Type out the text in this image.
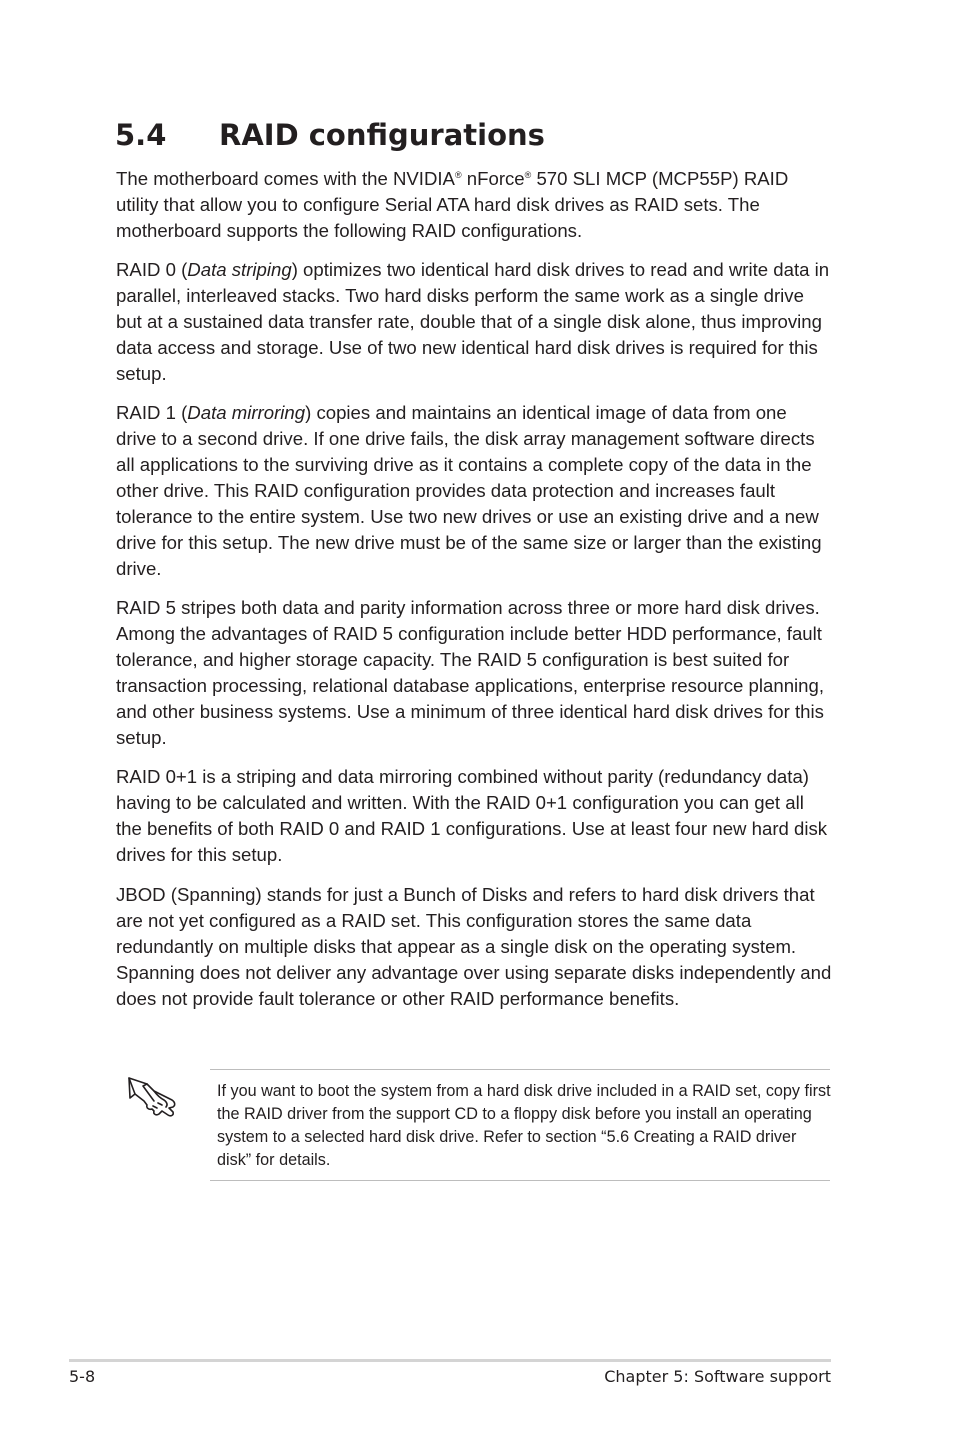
5.4 RAID configurations

The motherboard comes with the NVIDIA® nForce® 570 SLI MCP (MCP55P) RAID utility that allow you to configure Serial ATA hard disk drives as RAID sets. The motherboard supports the following RAID configurations.

RAID 0 (Data striping) optimizes two identical hard disk drives to read and write data in parallel, interleaved stacks. Two hard disks perform the same work as a single drive but at a sustained data transfer rate, double that of a single disk alone, thus improving data access and storage. Use of two new identical hard disk drives is required for this setup.

RAID 1 (Data mirroring) copies and maintains an identical image of data from one drive to a second drive. If one drive fails, the disk array management software directs all applications to the surviving drive as it contains a complete copy of the data in the other drive. This RAID configuration provides data protection and increases fault tolerance to the entire system. Use two new drives or use an existing drive and a new drive for this setup. The new drive must be of the same size or larger than the existing drive.

RAID 5 stripes both data and parity information across three or more hard disk drives. Among the advantages of RAID 5 configuration include better HDD performance, fault tolerance, and higher storage capacity. The RAID 5 configuration is best suited for transaction processing, relational database applications, enterprise resource planning, and other business systems. Use a minimum of three identical hard disk drives for this setup.

RAID 0+1 is a striping and data mirroring combined without parity (redundancy data) having to be calculated and written. With the RAID 0+1 configuration you can get all the benefits of both RAID 0 and RAID 1 configurations. Use at least four new hard disk drives for this setup.

JBOD (Spanning) stands for just a Bunch of Disks and refers to hard disk drivers that are not yet configured as a RAID set. This configuration stores the same data redundantly on multiple disks that appear as a single disk on the operating system. Spanning does not deliver any advantage over using separate disks independently and does not provide fault tolerance or other RAID performance benefits.

If you want to boot the system from a hard disk drive included in a RAID set, copy first the RAID driver from the support CD to a floppy disk before you install an operating system to a selected hard disk drive. Refer to section “5.6 Creating a RAID driver disk” for details.

5-8	Chapter 5: Software support
